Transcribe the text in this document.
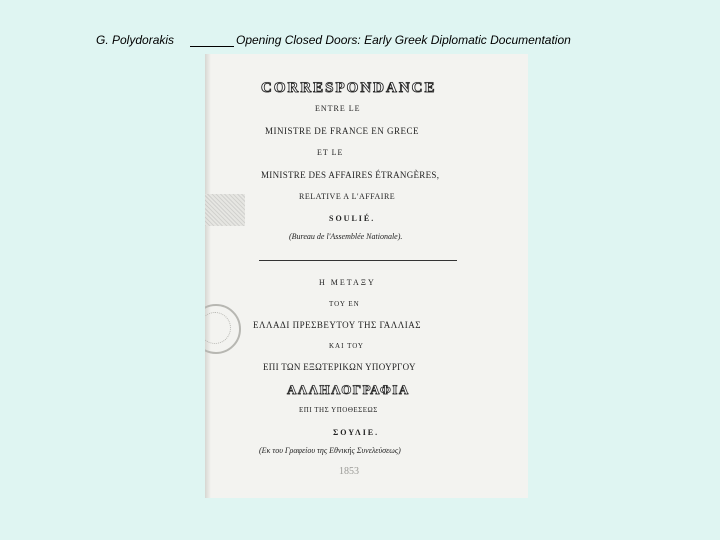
G. Polydorakis	Opening Closed Doors: Early Greek Diplomatic Documentation
CORRESPONDANCE
ENTRE LE
MINISTRE DE FRANCE EN GRECE
ET LE
MINISTRE DES AFFAIRES ÉTRANGÈRES,
RELATIVE A L'AFFAIRE
SOULIÉ.
(Bureau de l'Assemblée Nationale).
Η ΜΕΤΑΞΥ
ΤΟΥ ΕΝ
ΕΛΛΑΔΙ ΠΡΕΣΒΕΥΤΟΥ ΤΗΣ ΓΑΛΛΙΑΣ
ΚΑΙ ΤΟΥ
ΕΠΙ ΤΩΝ ΕΞΩΤΕΡΙΚΩΝ ΥΠΟΥΡΓΟΥ
ΑΛΛΗΛΟΓΡΑΦΙΑ
ΕΠΙ ΤΗΣ ΥΠΟΘΕΣΕΩΣ
ΣΟΥΛΙΕ.
(Εκ του Γραφείου της Εθνικής Συνελεύσεως)
1853
